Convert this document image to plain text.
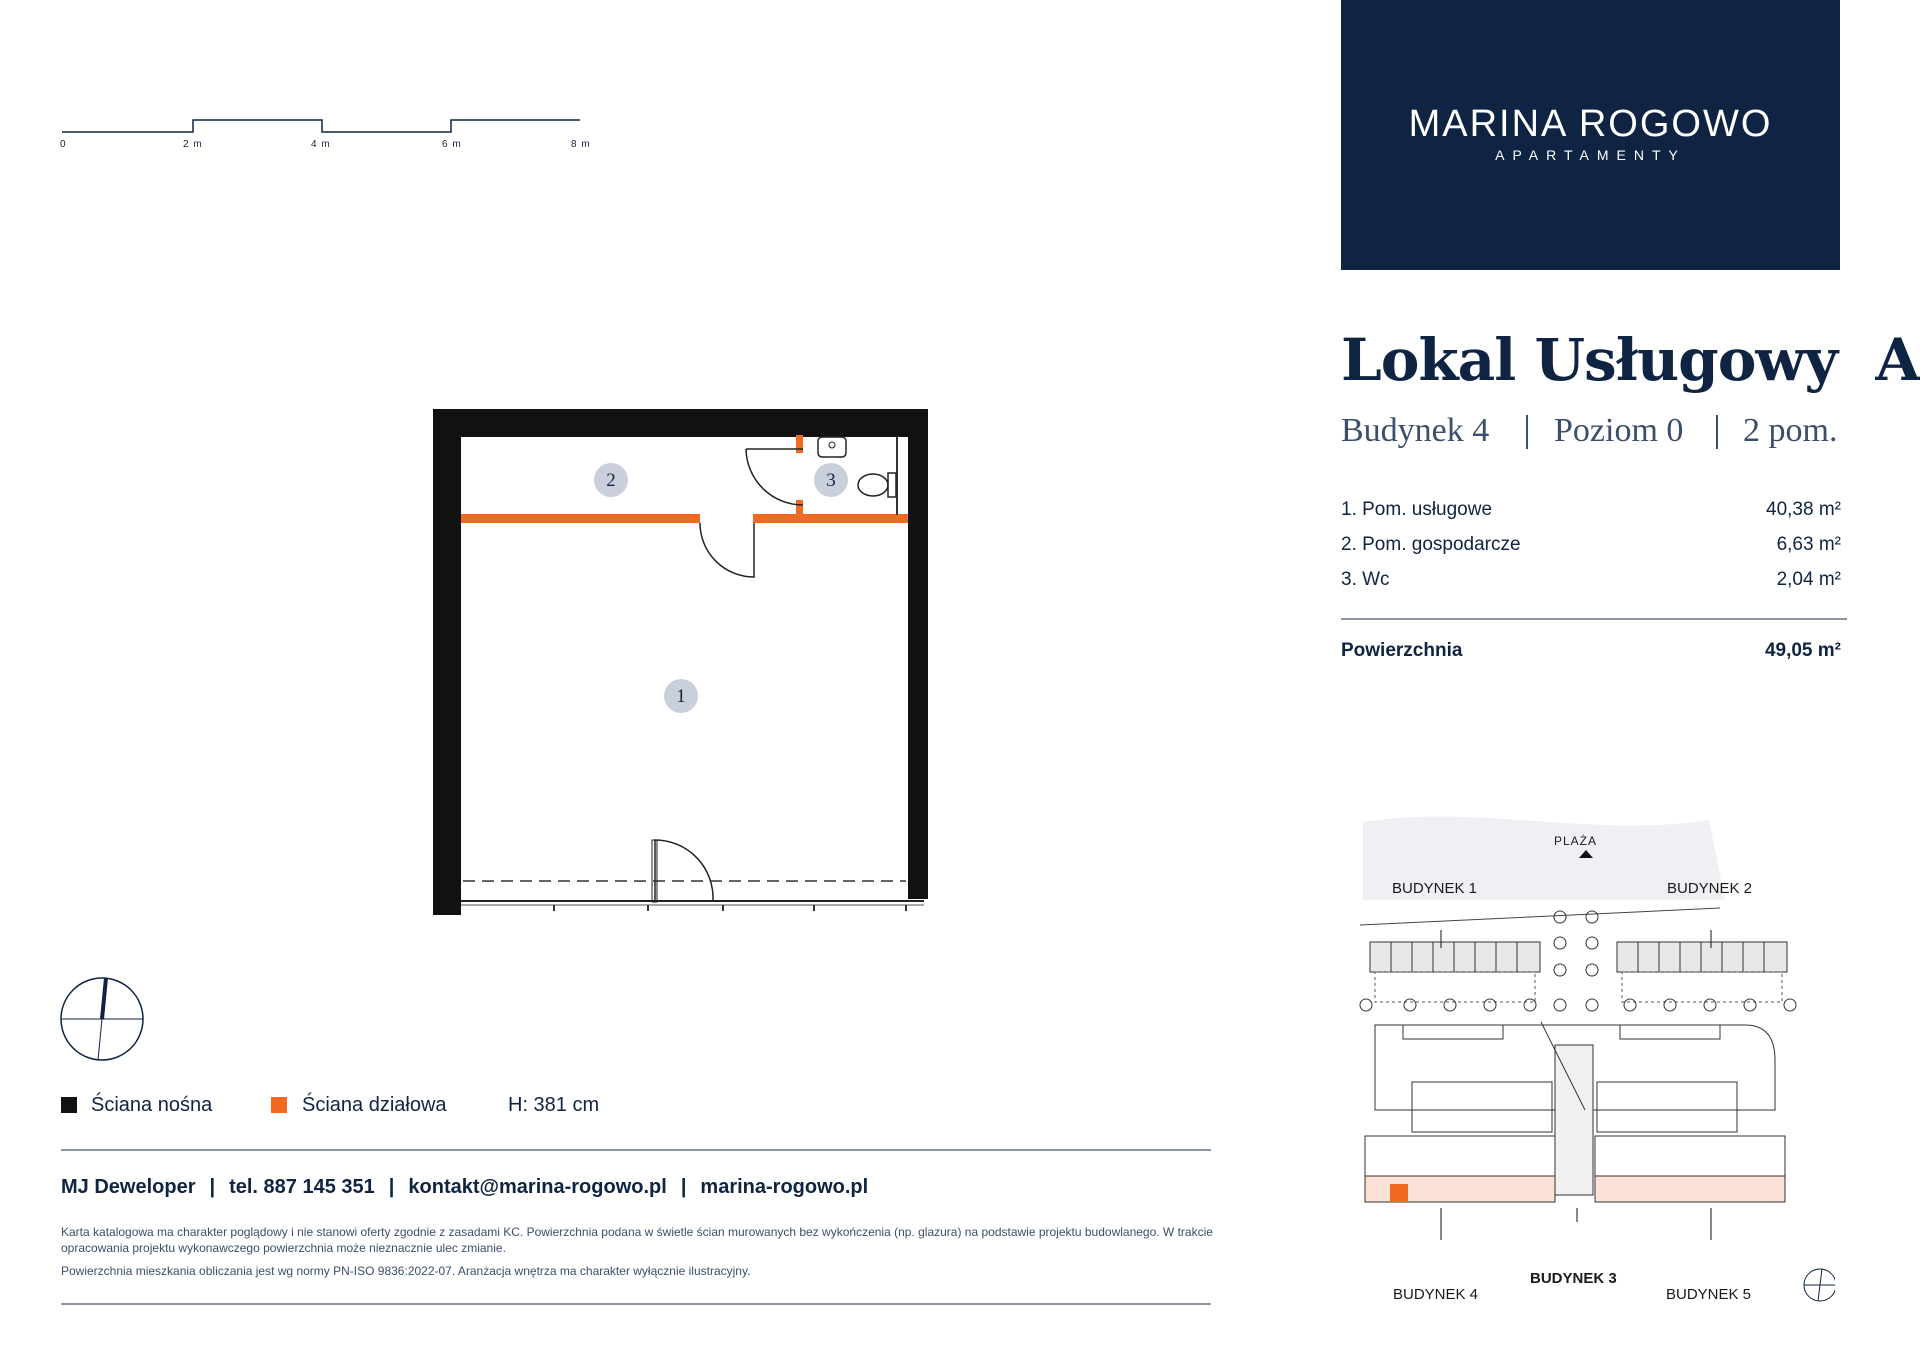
0	2 m	4 m	6 m	8 m
2	3
1
Ściana nośna	Ściana działowa	H: 381 cm
MJ Deweloper | tel. 887 145 351 | kontakt@marina-rogowo.pl | marina-rogowo.pl
Karta katalogowa ma charakter poglądowy i nie stanowi oferty zgodnie z zasadami KC. Powierzchnia podana w świetle ścian murowanych bez wykończenia (np. glazura) na podstawie projektu budowlanego. W trakcie opracowania projektu wykonawczego powierzchnia może nieznacznie ulec zmianie.
Powierzchnia mieszkania obliczania jest wg normy PN-ISO 9836:2022-07. Aranżacja wnętrza ma charakter wyłącznie ilustracyjny.
MARINA ROGOWO
APARTAMENTY
Lokal Usługowy  A
Budynek 4 Poziom 0 2 pom.
1. Pom. usługowe	40,38 m²
2. Pom. gospodarcze	6,63 m²
3. Wc	2,04 m²
Powierzchnia	49,05 m²
PLAŻA
BUDYNEK 1	BUDYNEK 2
BUDYNEK 3
BUDYNEK 4	BUDYNEK 5
